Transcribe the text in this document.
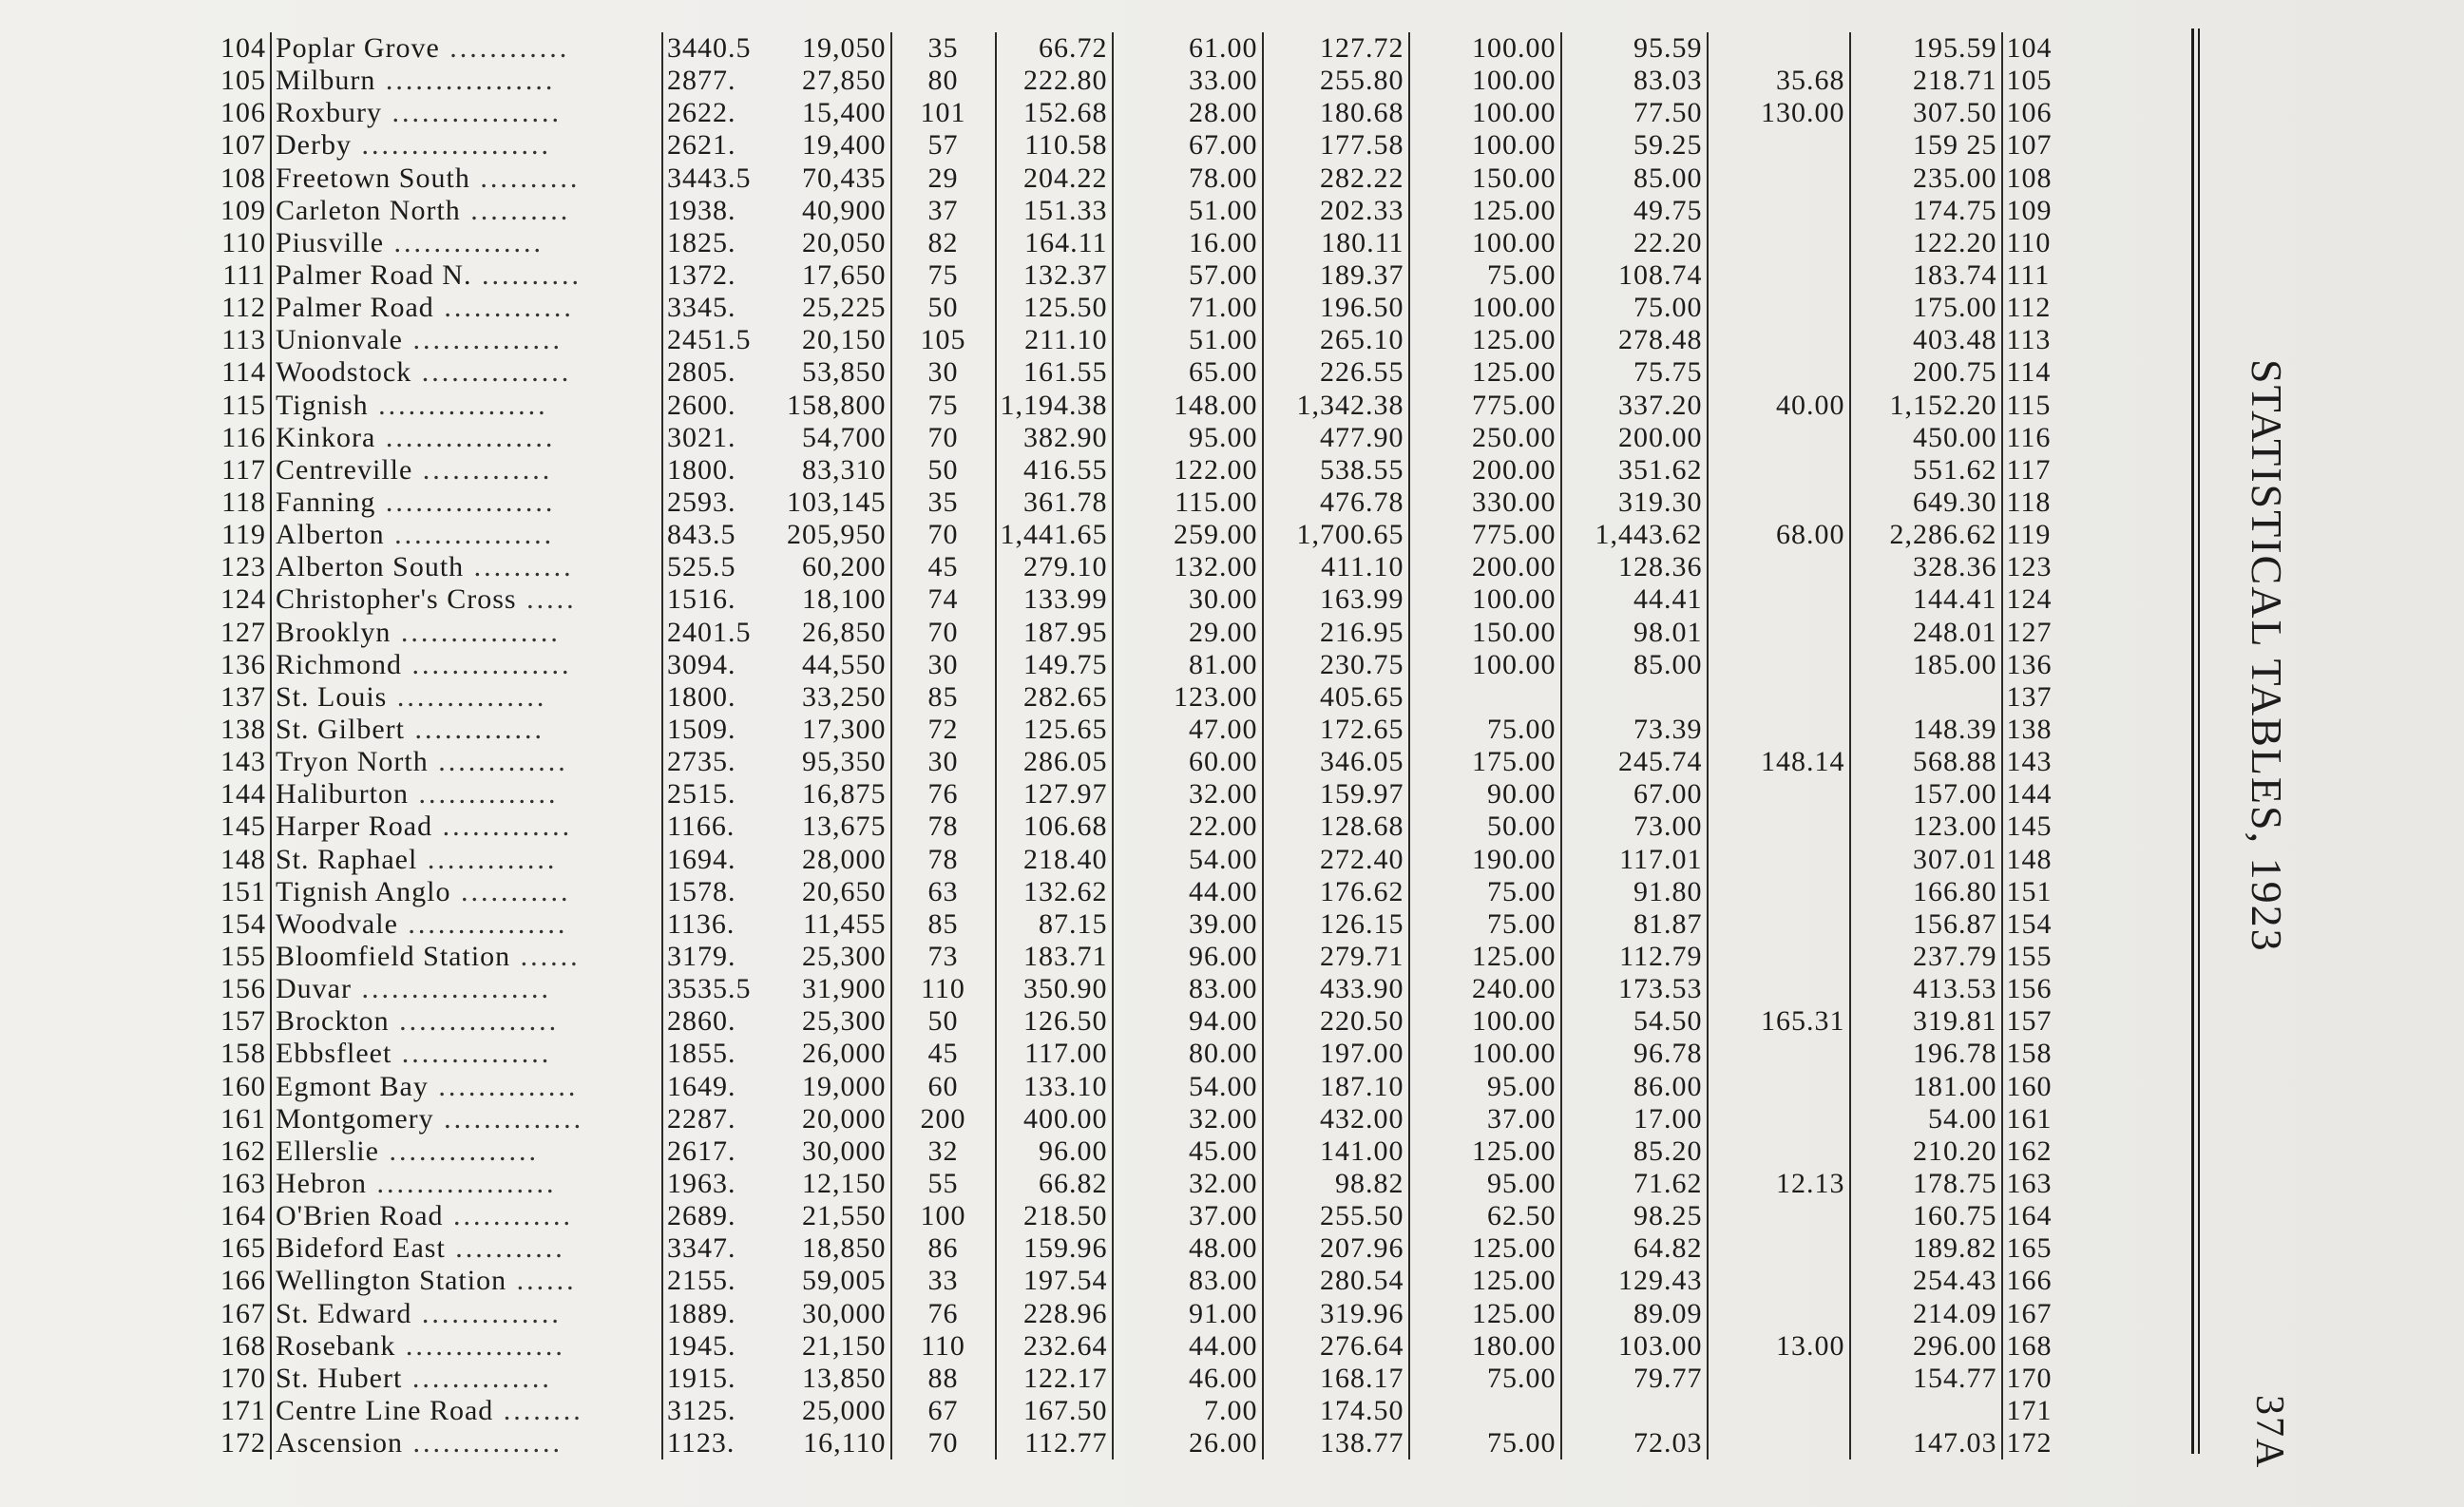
104	Poplar Grove ............	3440.5	19,050	35	66.72	61.00	127.72	100.00	95.59		195.59	104
105	Milburn .................	2877.	27,850	80	222.80	33.00	255.80	100.00	83.03	35.68	218.71	105
106	Roxbury .................	2622.	15,400	101	152.68	28.00	180.68	100.00	77.50	130.00	307.50	106
107	Derby ...................	2621.	19,400	57	110.58	67.00	177.58	100.00	59.25		159 25	107
108	Freetown South ..........	3443.5	70,435	29	204.22	78.00	282.22	150.00	85.00		235.00	108
109	Carleton North ..........	1938.	40,900	37	151.33	51.00	202.33	125.00	49.75		174.75	109
110	Piusville ...............	1825.	20,050	82	164.11	16.00	180.11	100.00	22.20		122.20	110
111	Palmer Road N. ..........	1372.	17,650	75	132.37	57.00	189.37	75.00	108.74		183.74	111
112	Palmer Road .............	3345.	25,225	50	125.50	71.00	196.50	100.00	75.00		175.00	112
113	Unionvale ...............	2451.5	20,150	105	211.10	51.00	265.10	125.00	278.48		403.48	113
114	Woodstock ...............	2805.	53,850	30	161.55	65.00	226.55	125.00	75.75		200.75	114
115	Tignish .................	2600.	158,800	75	1,194.38	148.00	1,342.38	775.00	337.20	40.00	1,152.20	115
116	Kinkora .................	3021.	54,700	70	382.90	95.00	477.90	250.00	200.00		450.00	116
117	Centreville .............	1800.	83,310	50	416.55	122.00	538.55	200.00	351.62		551.62	117
118	Fanning .................	2593.	103,145	35	361.78	115.00	476.78	330.00	319.30		649.30	118
119	Alberton ................	843.5	205,950	70	1,441.65	259.00	1,700.65	775.00	1,443.62	68.00	2,286.62	119
123	Alberton South ..........	525.5	60,200	45	279.10	132.00	411.10	200.00	128.36		328.36	123
124	Christopher's Cross .....	1516.	18,100	74	133.99	30.00	163.99	100.00	44.41		144.41	124
127	Brooklyn ................	2401.5	26,850	70	187.95	29.00	216.95	150.00	98.01		248.01	127
136	Richmond ................	3094.	44,550	30	149.75	81.00	230.75	100.00	85.00		185.00	136
137	St. Louis ...............	1800.	33,250	85	282.65	123.00	405.65					137
138	St. Gilbert .............	1509.	17,300	72	125.65	47.00	172.65	75.00	73.39		148.39	138
143	Tryon North .............	2735.	95,350	30	286.05	60.00	346.05	175.00	245.74	148.14	568.88	143
144	Haliburton ..............	2515.	16,875	76	127.97	32.00	159.97	90.00	67.00		157.00	144
145	Harper Road .............	1166.	13,675	78	106.68	22.00	128.68	50.00	73.00		123.00	145
148	St. Raphael .............	1694.	28,000	78	218.40	54.00	272.40	190.00	117.01		307.01	148
151	Tignish Anglo ...........	1578.	20,650	63	132.62	44.00	176.62	75.00	91.80		166.80	151
154	Woodvale ................	1136.	11,455	85	87.15	39.00	126.15	75.00	81.87		156.87	154
155	Bloomfield Station ......	3179.	25,300	73	183.71	96.00	279.71	125.00	112.79		237.79	155
156	Duvar ...................	3535.5	31,900	110	350.90	83.00	433.90	240.00	173.53		413.53	156
157	Brockton ................	2860.	25,300	50	126.50	94.00	220.50	100.00	54.50	165.31	319.81	157
158	Ebbsfleet ...............	1855.	26,000	45	117.00	80.00	197.00	100.00	96.78		196.78	158
160	Egmont Bay ..............	1649.	19,000	60	133.10	54.00	187.10	95.00	86.00		181.00	160
161	Montgomery ..............	2287.	20,000	200	400.00	32.00	432.00	37.00	17.00		54.00	161
162	Ellerslie ...............	2617.	30,000	32	96.00	45.00	141.00	125.00	85.20		210.20	162
163	Hebron ..................	1963.	12,150	55	66.82	32.00	98.82	95.00	71.62	12.13	178.75	163
164	O'Brien Road ............	2689.	21,550	100	218.50	37.00	255.50	62.50	98.25		160.75	164
165	Bideford East ...........	3347.	18,850	86	159.96	48.00	207.96	125.00	64.82		189.82	165
166	Wellington Station ......	2155.	59,005	33	197.54	83.00	280.54	125.00	129.43		254.43	166
167	St. Edward ..............	1889.	30,000	76	228.96	91.00	319.96	125.00	89.09		214.09	167
168	Rosebank ................	1945.	21,150	110	232.64	44.00	276.64	180.00	103.00	13.00	296.00	168
170	St. Hubert ..............	1915.	13,850	88	122.17	46.00	168.17	75.00	79.77		154.77	170
171	Centre Line Road ........	3125.	25,000	67	167.50	7.00	174.50					171
172	Ascension ...............	1123.	16,110	70	112.77	26.00	138.77	75.00	72.03		147.03	172
STATISTICAL TABLES, 1923
37A
